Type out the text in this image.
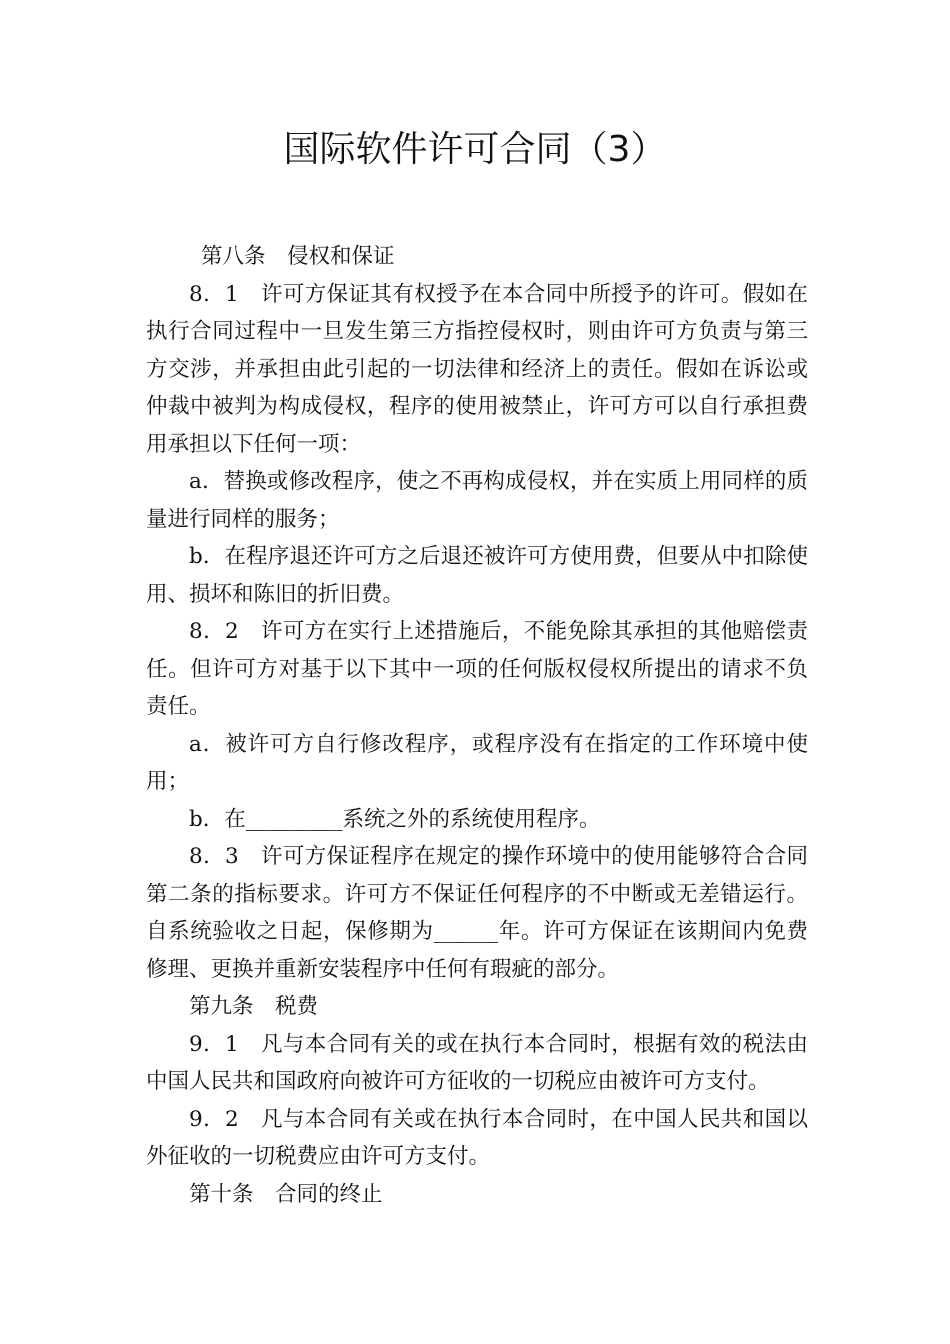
国际软件许可合同（3）

第八条　侵权和保证

8．1　许可方保证其有权授予在本合同中所授予的许可。假如在执行合同过程中一旦发生第三方指控侵权时，则由许可方负责与第三方交涉，并承担由此引起的一切法律和经济上的责任。假如在诉讼或仲裁中被判为构成侵权，程序的使用被禁止，许可方可以自行承担费用承担以下任何一项：

a．替换或修改程序，使之不再构成侵权，并在实质上用同样的质量进行同样的服务；

b．在程序退还许可方之后退还被许可方使用费，但要从中扣除使用、损坏和陈旧的折旧费。

8．2　许可方在实行上述措施后，不能免除其承担的其他赔偿责任。但许可方对基于以下其中一项的任何版权侵权所提出的请求不负责任。

a．被许可方自行修改程序，或程序没有在指定的工作环境中使用；

b．在_________系统之外的系统使用程序。

8．3　许可方保证程序在规定的操作环境中的使用能够符合合同第二条的指标要求。许可方不保证任何程序的不中断或无差错运行。自系统验收之日起，保修期为______年。许可方保证在该期间内免费修理、更换并重新安装程序中任何有瑕疵的部分。

第九条　税费

9．1　凡与本合同有关的或在执行本合同时，根据有效的税法由中国人民共和国政府向被许可方征收的一切税应由被许可方支付。

9．2　凡与本合同有关或在执行本合同时，在中国人民共和国以外征收的一切税费应由许可方支付。

第十条　合同的终止
